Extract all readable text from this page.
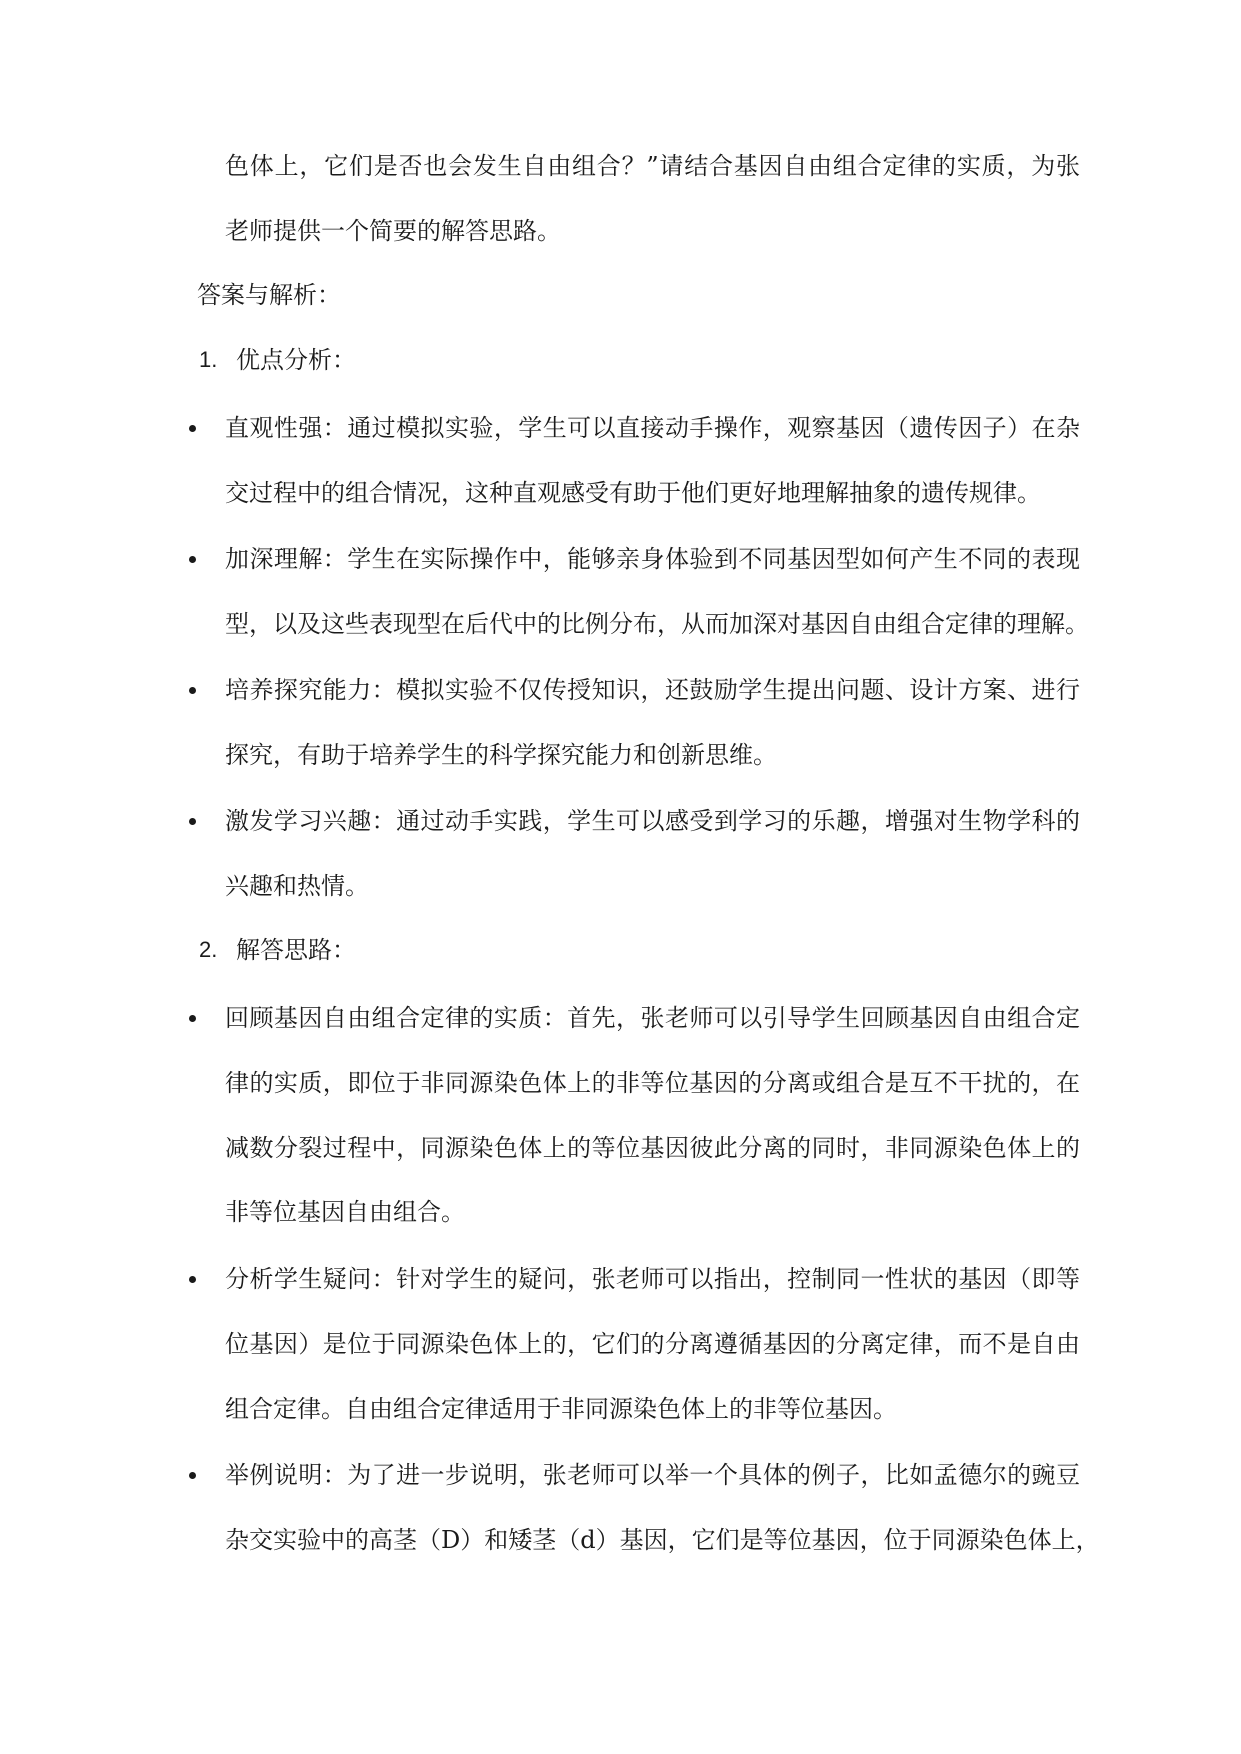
色体上，它们是否也会发生自由组合？”请结合基因自由组合定律的实质，为张
老师提供一个简要的解答思路。
答案与解析：
1. 优点分析：
直观性强：通过模拟实验，学生可以直接动手操作，观察基因（遗传因子）在杂
交过程中的组合情况，这种直观感受有助于他们更好地理解抽象的遗传规律。
加深理解：学生在实际操作中，能够亲身体验到不同基因型如何产生不同的表现
型，以及这些表现型在后代中的比例分布，从而加深对基因自由组合定律的理解。
培养探究能力：模拟实验不仅传授知识，还鼓励学生提出问题、设计方案、进行
探究，有助于培养学生的科学探究能力和创新思维。
激发学习兴趣：通过动手实践，学生可以感受到学习的乐趣，增强对生物学科的
兴趣和热情。
2. 解答思路：
回顾基因自由组合定律的实质：首先，张老师可以引导学生回顾基因自由组合定
律的实质，即位于非同源染色体上的非等位基因的分离或组合是互不干扰的，在
减数分裂过程中，同源染色体上的等位基因彼此分离的同时，非同源染色体上的
非等位基因自由组合。
分析学生疑问：针对学生的疑问，张老师可以指出，控制同一性状的基因（即等
位基因）是位于同源染色体上的，它们的分离遵循基因的分离定律，而不是自由
组合定律。自由组合定律适用于非同源染色体上的非等位基因。
举例说明：为了进一步说明，张老师可以举一个具体的例子，比如孟德尔的豌豆
杂交实验中的高茎（D）和矮茎（d）基因，它们是等位基因，位于同源染色体上，
